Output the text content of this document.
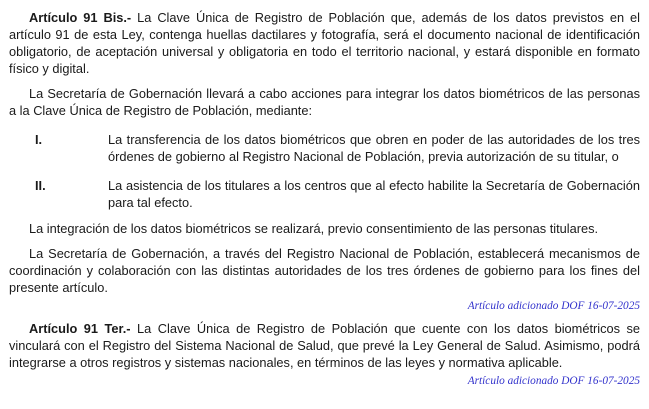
Artículo 91 Bis.- La Clave Única de Registro de Población que, además de los datos previstos en el artículo 91 de esta Ley, contenga huellas dactilares y fotografía, será el documento nacional de identificación obligatorio, de aceptación universal y obligatoria en todo el territorio nacional, y estará disponible en formato físico y digital.

La Secretaría de Gobernación llevará a cabo acciones para integrar los datos biométricos de las personas a la Clave Única de Registro de Población, mediante:

I.	La transferencia de los datos biométricos que obren en poder de las autoridades de los tres órdenes de gobierno al Registro Nacional de Población, previa autorización de su titular, o
II.	La asistencia de los titulares a los centros que al efecto habilite la Secretaría de Gobernación para tal efecto.

La integración de los datos biométricos se realizará, previo consentimiento de las personas titulares.

La Secretaría de Gobernación, a través del Registro Nacional de Población, establecerá mecanismos de coordinación y colaboración con las distintas autoridades de los tres órdenes de gobierno para los fines del presente artículo.

Artículo adicionado DOF 16-07-2025

Artículo 91 Ter.- La Clave Única de Registro de Población que cuente con los datos biométricos se vinculará con el Registro del Sistema Nacional de Salud, que prevé la Ley General de Salud. Asimismo, podrá integrarse a otros registros y sistemas nacionales, en términos de las leyes y normativa aplicable.

Artículo adicionado DOF 16-07-2025
